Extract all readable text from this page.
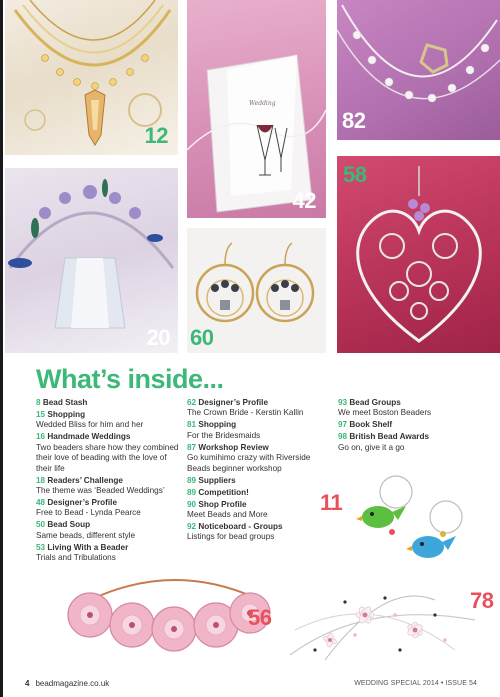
12
Wedding
42
82
20 60
58
What’s inside...
8 Bead Stash
15 Shopping
Wedded Bliss for him and her
16 Handmade Weddings
Two beaders share how they combined their love of beading with the love of their life
18 Readers’ Challenge
The theme was ‘Beaded Weddings’
48 Designer’s Profile
Free to Bead - Lynda Pearce
50 Bead Soup
Same beads, different style
53 Living With a Beader
Trials and Tribulations
62 Designer’s Profile
The Crown Bride - Kerstin Kallin
81 Shopping
For the Bridesmaids
87 Workshop Review
Go kumihimo crazy with Riverside Beads beginner workshop
89 Suppliers
89 Competition!
90 Shop Profile
Meet Beads and More
92 Noticeboard - Groups
Listings for bead groups
93 Bead Groups
We meet Boston Beaders
97 Book Shelf
98 British Bead Awards
Go on, give it a go
11
56
78
4 beadmagazine.co.uk	WEDDING SPECIAL 2014 • ISSUE 54
